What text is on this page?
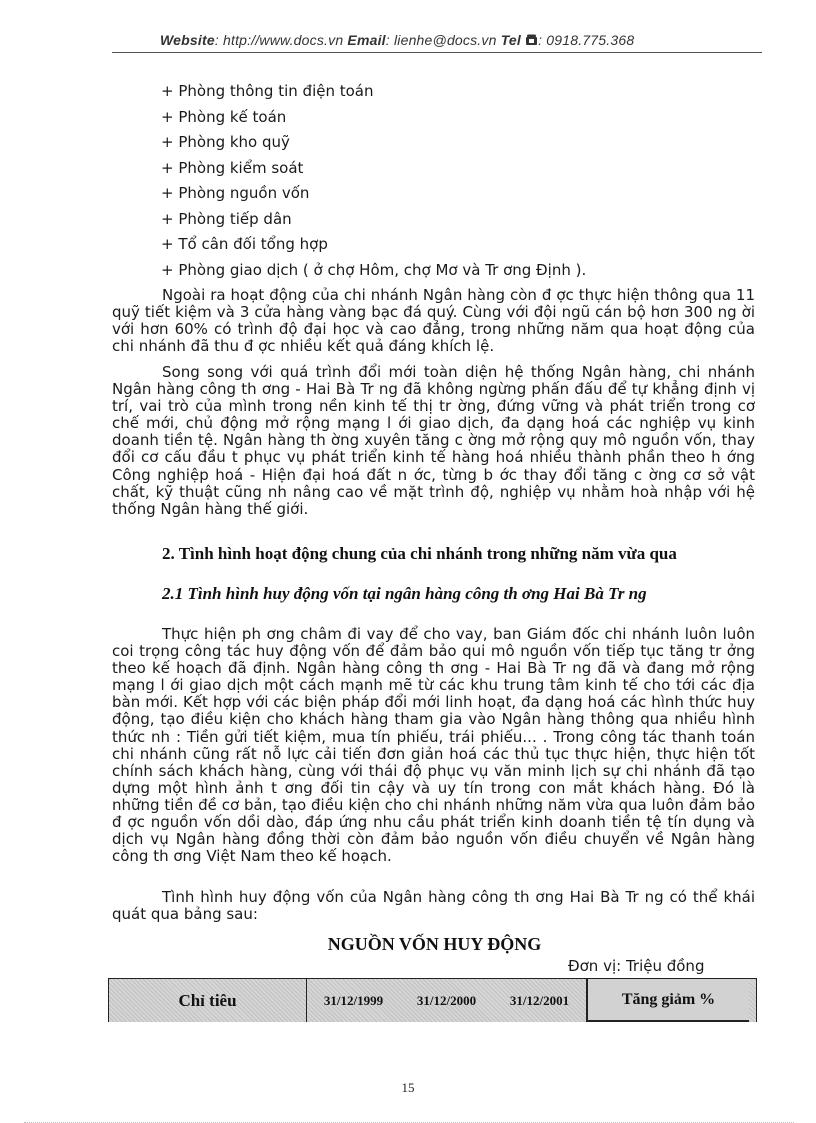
Website: http://www.docs.vn Email: lienhe@docs.vn Tel : 0918.775.368
+ Phòng thông tin điện toán
+ Phòng kế toán
+ Phòng kho quỹ
+ Phòng kiểm soát
+ Phòng nguồn vốn
+ Phòng tiếp dân
+ Tổ cân đối tổng hợp
+ Phòng giao dịch ( ở chợ Hôm, chợ Mơ và Tr ơng Định ).

Ngoài ra hoạt động của chi nhánh Ngân hàng còn đ ợc thực hiện thông qua 11 quỹ tiết kiệm và 3 cửa hàng vàng bạc đá quý. Cùng với đội ngũ cán bộ hơn 300 ng ời với hơn 60% có trình độ đại học và cao đẳng, trong những năm qua hoạt động của chi nhánh đã thu đ ợc nhiều kết quả đáng khích lệ.

Song song với quá trình đổi mới toàn diện hệ thống Ngân hàng, chi nhánh Ngân hàng công th ơng - Hai Bà Tr ng đã không ngừng phấn đấu để tự khẳng định vị trí, vai trò của mình trong nền kinh tế thị tr ờng, đứng vững và phát triển trong cơ chế mới, chủ động mở rộng mạng l ới giao dịch, đa dạng hoá các nghiệp vụ kinh doanh tiền tệ. Ngân hàng th ờng xuyên tăng c ờng mở rộng quy mô nguồn vốn, thay đổi cơ cấu đầu t phục vụ phát triển kinh tế hàng hoá nhiều thành phần theo h ớng Công nghiệp hoá - Hiện đại hoá đất n ớc, từng b ớc thay đổi tăng c ờng cơ sở vật chất, kỹ thuật cũng nh nâng cao về mặt trình độ, nghiệp vụ nhằm hoà nhập với hệ thống Ngân hàng thế giới.

2. Tình hình hoạt động chung của chi nhánh trong những năm vừa qua
2.1 Tình hình huy động vốn tại ngân hàng công th ơng Hai Bà Tr ng

Thực hiện ph ơng châm đi vay để cho vay, ban Giám đốc chi nhánh luôn luôn coi trọng công tác huy động vốn để đảm bảo qui mô nguồn vốn tiếp tục tăng tr ởng theo kế hoạch đã định. Ngân hàng công th ơng - Hai Bà Tr ng đã và đang mở rộng mạng l ới giao dịch một cách mạnh mẽ từ các khu trung tâm kinh tế cho tới các địa bàn mới. Kết hợp với các biện pháp đổi mới linh hoạt, đa dạng hoá các hình thức huy động, tạo điều kiện cho khách hàng tham gia vào Ngân hàng thông qua nhiều hình thức nh : Tiền gửi tiết kiệm, mua tín phiếu, trái phiếu... . Trong công tác thanh toán chi nhánh cũng rất nỗ lực cải tiến đơn giản hoá các thủ tục thực hiện, thực hiện tốt chính sách khách hàng, cùng với thái độ phục vụ văn minh lịch sự chi nhánh đã tạo dựng một hình ảnh t ơng đối tin cậy và uy tín trong con mắt khách hàng. Đó là những tiền đề cơ bản, tạo điều kiện cho chi nhánh những năm vừa qua luôn đảm bảo đ ợc nguồn vốn dồi dào, đáp ứng nhu cầu phát triển kinh doanh tiền tệ tín dụng và dịch vụ Ngân hàng đồng thời còn đảm bảo nguồn vốn điều chuyển về Ngân hàng công th ơng Việt Nam theo kế hoạch.

Tình hình huy động vốn của Ngân hàng công th ơng Hai Bà Tr ng có thể khái quát qua bảng sau:

NGUỒN VỐN HUY ĐỘNG
Đơn vị: Triệu đồng
Chỉ tiêu	31/12/1999	31/12/2000	31/12/2001	Tăng giảm %
15
